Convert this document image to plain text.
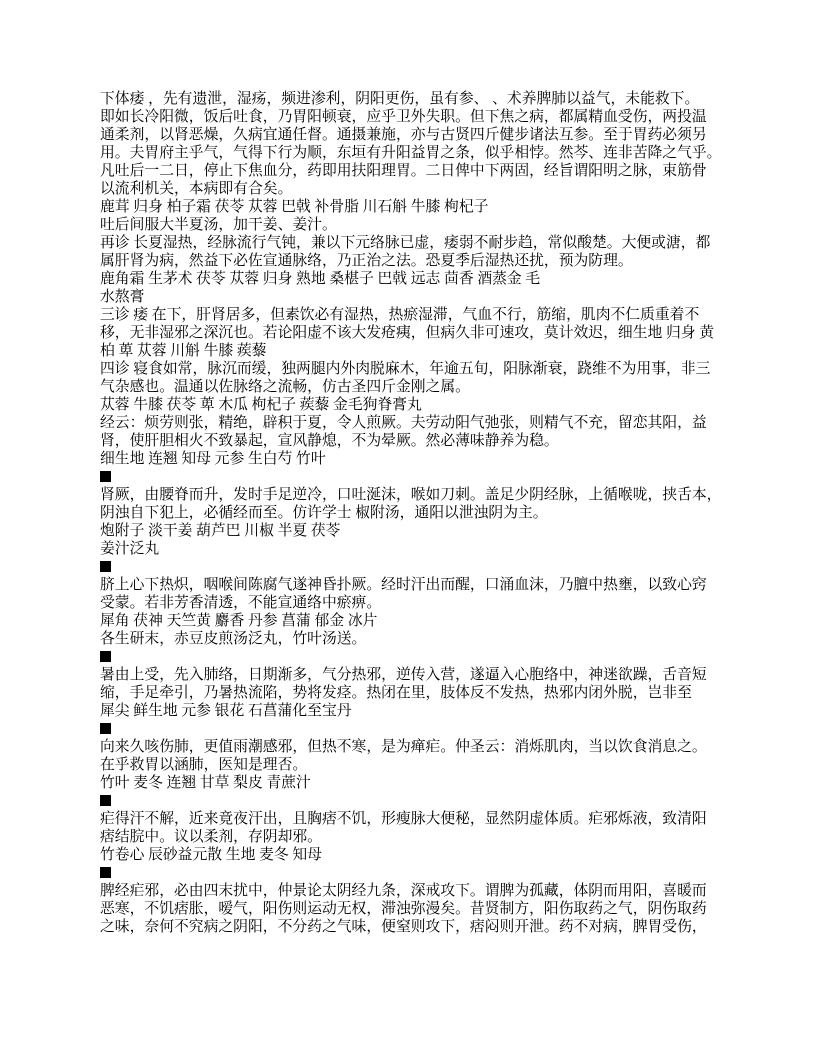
下体痿 ，先有遗泄，湿疡，频进渗利，阴阳更伤，虽有参、 、术养脾肺以益气，未能救下。
即如长冷阳微，饭后吐食，乃胃阳顿衰，应乎卫外失职。但下焦之病，都属精血受伤，两投温
通柔剂，以肾恶燥，久病宜通任督。通摄兼施，亦与古贤四斤健步诸法互参。至于胃药必须另
用。夫胃府主乎气，气得下行为顺，东垣有升阳益胃之条，似乎相悖。然芩、连非苦降之气乎。
凡吐后一二日，停止下焦血分，药即用扶阳理胃。二日俾中下两固，经旨谓阳明之脉，束筋骨
以流利机关，本病即有合矣。
鹿茸 归身 柏子霜 茯苓 苁蓉 巴戟 补骨脂 川石斛 牛膝 枸杞子
吐后间服大半夏汤，加干姜、姜汁。
再诊 长夏湿热，经脉流行气钝，兼以下元络脉已虚，痿弱不耐步趋，常似酸楚。大便或溏，都
属肝肾为病，然益下必佐宣通脉络，乃正治之法。恐夏季后湿热还扰，预为防理。
鹿角霜 生茅术 茯苓 苁蓉 归身 熟地 桑椹子 巴戟 远志 茴香 酒蒸金 毛
水熬膏
三诊 痿 在下，肝肾居多，但素饮必有湿热，热瘀湿滞，气血不行，筋缩，肌肉不仁质重着不
移，无非湿邪之深沉也。若论阳虚不该大发疮痍，但病久非可速攻，莫计效迟，细生地 归身 黄
柏 萆 苁蓉 川斛 牛膝 蒺藜
四诊 寝食如常，脉沉而缓，独两腿内外肉脱麻木，年逾五旬，阳脉渐衰，跷维不为用事，非三
气杂感也。温通以佐脉络之流畅，仿古圣四斤金刚之属。
苁蓉 牛膝 茯苓 萆 木瓜 枸杞子 蒺藜 金毛狗脊膏丸
经云：烦劳则张，精绝，辟积于夏，令人煎厥。夫劳动阳气弛张，则精气不充，留恋其阳，益
肾，使肝胆相火不致暴起，宣风静熄，不为晕厥。然必薄味静养为稳。
细生地 连翘 知母 元参 生白芍 竹叶
肾厥，由腰脊而升，发时手足逆冷，口吐涎沫，喉如刀刺。盖足少阴经脉，上循喉咙，挟舌本，
阴浊自下犯上，必循经而至。仿许学士 椒附汤，通阳以泄浊阴为主。
炮附子 淡干姜 葫芦巴 川椒 半夏 茯苓
姜汁泛丸
脐上心下热炽，咽喉间陈腐气遂神昏扑厥。经时汗出而醒，口涌血沫，乃膻中热壅，以致心窍
受蒙。若非芳香清透，不能宣通络中瘀痹。
犀角 茯神 天竺黄 麝香 丹参 菖蒲 郁金 冰片
各生研末，赤豆皮煎汤泛丸，竹叶汤送。
暑由上受，先入肺络，日期渐多，气分热邪，逆传入营，遂逼入心胞络中，神迷欲躁，舌音短
缩，手足牵引，乃暑热流陷，势将发痉。热闭在里，肢体反不发热，热邪内闭外脱，岂非至
犀尖 鲜生地 元参 银花 石菖蒲化至宝丹
向来久咳伤肺，更值雨潮感邪，但热不寒，是为瘅疟。仲圣云：消烁肌肉，当以饮食消息之。
在乎救胃以涵肺，医知是理否。
竹叶 麦冬 连翘 甘草 梨皮 青蔗汁
疟得汗不解，近来竟夜汗出，且胸痞不饥，形瘦脉大便秘，显然阴虚体质。疟邪烁液，致清阳
痞结脘中。议以柔剂，存阴却邪。
竹卷心 辰砂益元散 生地 麦冬 知母
脾经疟邪，必由四末扰中，仲景论太阴经九条，深戒攻下。谓脾为孤藏，体阴而用阳，喜暖而
恶寒，不饥痞胀，嗳气，阳伤则运动无权，滞浊弥漫矣。昔贤制方，阳伤取药之气，阴伤取药
之味，奈何不究病之阴阳，不分药之气味，便窒则攻下，痞闷则开泄。药不对病，脾胃受伤，
